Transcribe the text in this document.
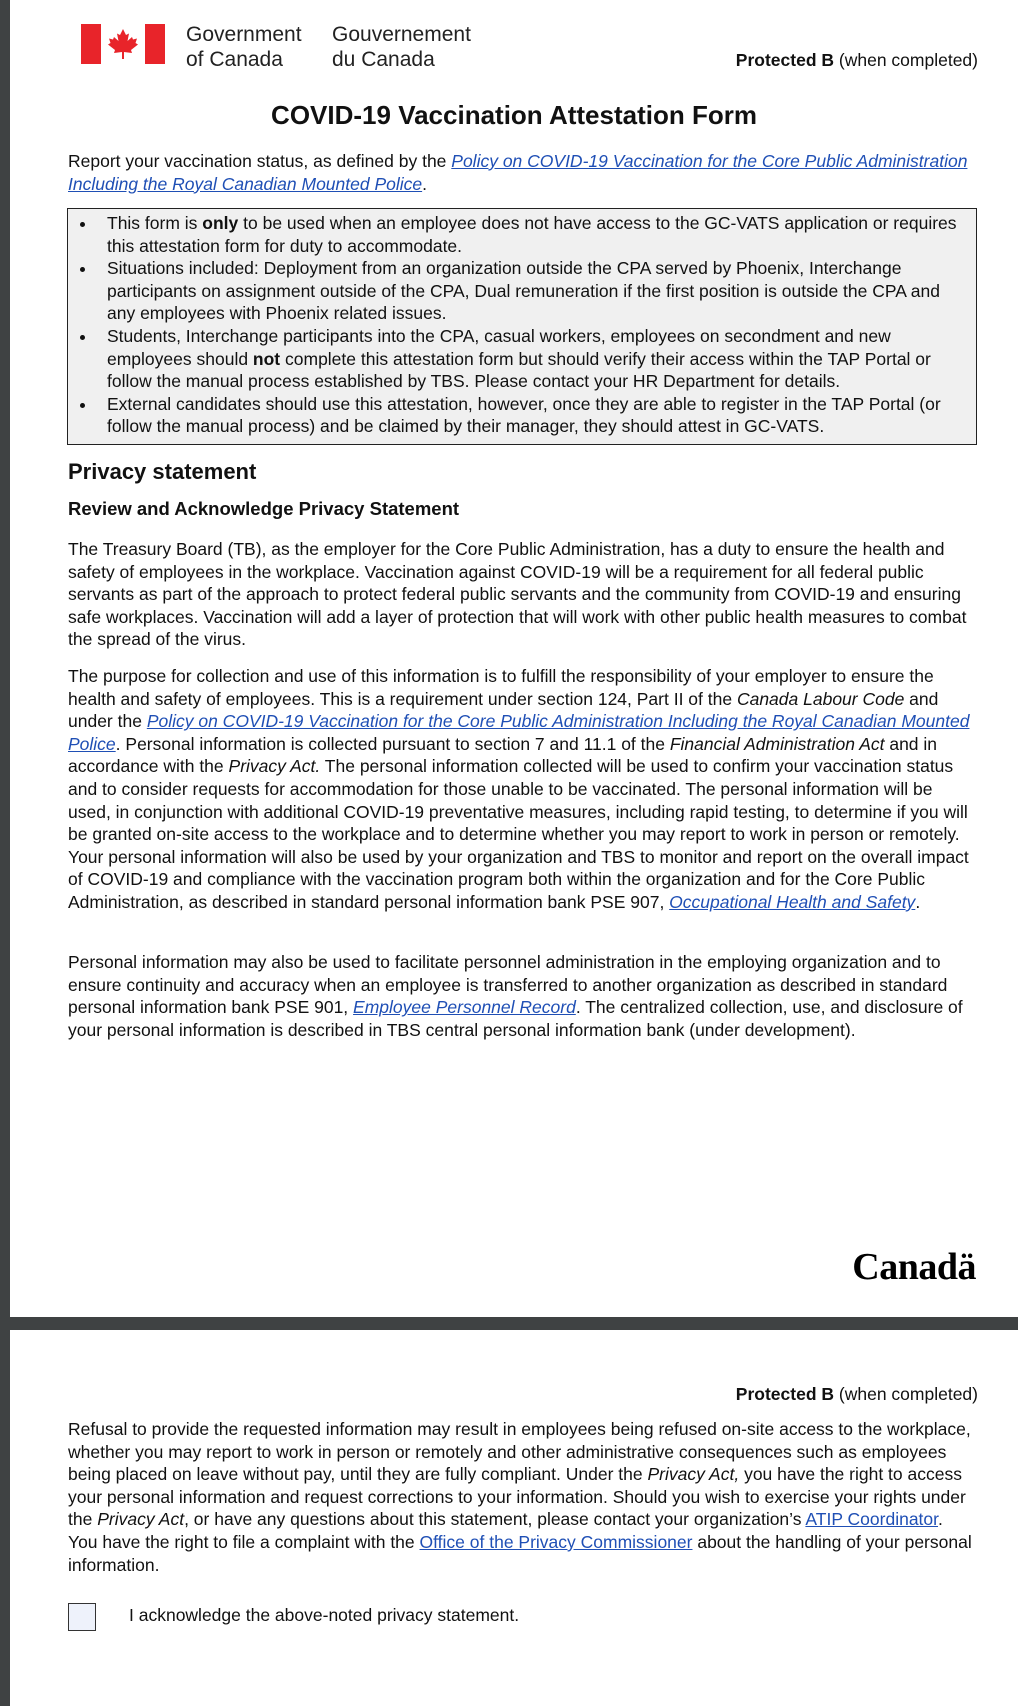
Government
of Canada
Gouvernement
du Canada	Protected B (when completed)
COVID-19 Vaccination Attestation Form

Report your vaccination status, as defined by the Policy on COVID-19 Vaccination for the Core Public Administration Including the Royal Canadian Mounted Police.

• This form is only to be used when an employee does not have access to the GC-VATS application or requires this attestation form for duty to accommodate.
• Situations included: Deployment from an organization outside the CPA served by Phoenix, Interchange participants on assignment outside of the CPA, Dual remuneration if the first position is outside the CPA and any employees with Phoenix related issues.
• Students, Interchange participants into the CPA, casual workers, employees on secondment and new employees should not complete this attestation form but should verify their access within the TAP Portal or follow the manual process established by TBS. Please contact your HR Department for details.
• External candidates should use this attestation, however, once they are able to register in the TAP Portal (or follow the manual process) and be claimed by their manager, they should attest in GC-VATS.
Privacy statement
Review and Acknowledge Privacy Statement

The Treasury Board (TB), as the employer for the Core Public Administration, has a duty to ensure the health and safety of employees in the workplace. Vaccination against COVID-19 will be a requirement for all federal public servants as part of the approach to protect federal public servants and the community from COVID-19 and ensuring safe workplaces. Vaccination will add a layer of protection that will work with other public health measures to combat the spread of the virus.

The purpose for collection and use of this information is to fulfill the responsibility of your employer to ensure the health and safety of employees. This is a requirement under section 124, Part II of the Canada Labour Code and under the Policy on COVID-19 Vaccination for the Core Public Administration Including the Royal Canadian Mounted Police. Personal information is collected pursuant to section 7 and 11.1 of the Financial Administration Act and in accordance with the Privacy Act. The personal information collected will be used to confirm your vaccination status and to consider requests for accommodation for those unable to be vaccinated. The personal information will be used, in conjunction with additional COVID-19 preventative measures, including rapid testing, to determine if you will be granted on-site access to the workplace and to determine whether you may report to work in person or remotely. Your personal information will also be used by your organization and TBS to monitor and report on the overall impact of COVID-19 and compliance with the vaccination program both within the organization and for the Core Public Administration, as described in standard personal information bank PSE 907, Occupational Health and Safety.

Personal information may also be used to facilitate personnel administration in the employing organization and to ensure continuity and accuracy when an employee is transferred to another organization as described in standard personal information bank PSE 901, Employee Personnel Record. The centralized collection, use, and disclosure of your personal information is described in TBS central personal information bank (under development).

Canadä
Protected B (when completed)

Refusal to provide the requested information may result in employees being refused on-site access to the workplace, whether you may report to work in person or remotely and other administrative consequences such as employees being placed on leave without pay, until they are fully compliant. Under the Privacy Act, you have the right to access your personal information and request corrections to your information. Should you wish to exercise your rights under the Privacy Act, or have any questions about this statement, please contact your organization’s ATIP Coordinator. You have the right to file a complaint with the Office of the Privacy Commissioner about the handling of your personal information.

I acknowledge the above-noted privacy statement.
